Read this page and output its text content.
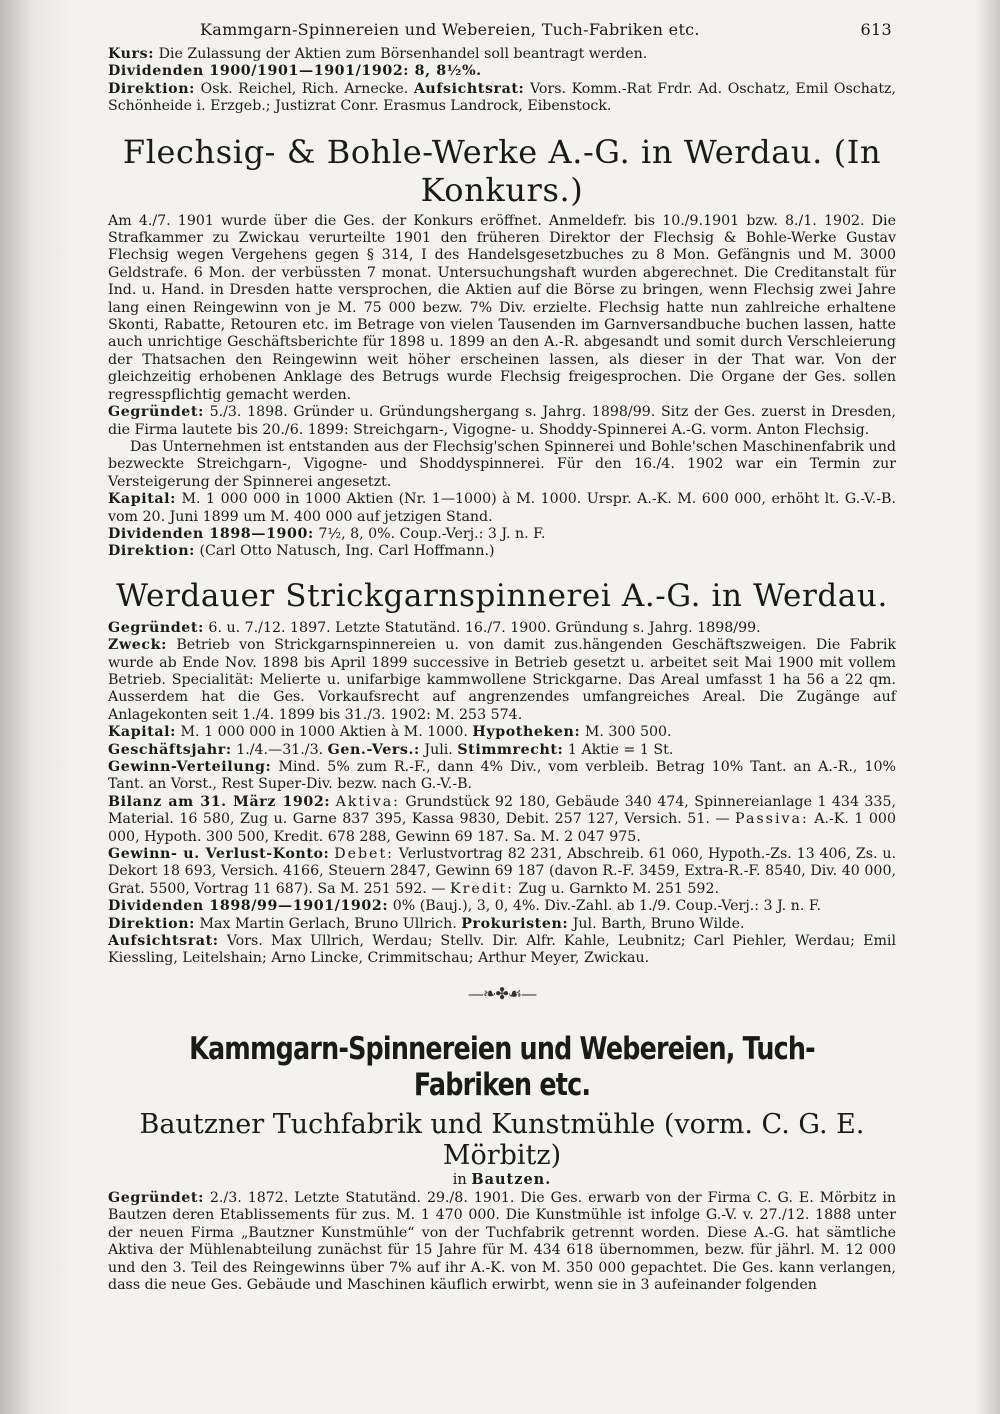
Kammgarn-Spinnereien und Webereien, Tuch-Fabriken etc.	613

Kurs: Die Zulassung der Aktien zum Börsenhandel soll beantragt werden.

Dividenden 1900/1901—1901/1902: 8, 8½%.

Direktion: Osk. Reichel, Rich. Arnecke. Aufsichtsrat: Vors. Komm.-Rat Frdr. Ad. Oschatz, Emil Oschatz, Schönheide i. Erzgeb.; Justizrat Conr. Erasmus Landrock, Eibenstock.

Flechsig- & Bohle-Werke A.-G. in Werdau. (In Konkurs.)

Am 4./7. 1901 wurde über die Ges. der Konkurs eröffnet. Anmeldefr. bis 10./9.1901 bzw. 8./1. 1902. Die Strafkammer zu Zwickau verurteilte 1901 den früheren Direktor der Flechsig & Bohle-Werke Gustav Flechsig wegen Vergehens gegen § 314, I des Handelsgesetzbuches zu 8 Mon. Gefängnis und M. 3000 Geldstrafe. 6 Mon. der verbüssten 7 monat. Untersuchungshaft wurden abgerechnet. Die Creditanstalt für Ind. u. Hand. in Dresden hatte versprochen, die Aktien auf die Börse zu bringen, wenn Flechsig zwei Jahre lang einen Reingewinn von je M. 75 000 bezw. 7% Div. erzielte. Flechsig hatte nun zahlreiche erhaltene Skonti, Rabatte, Retouren etc. im Betrage von vielen Tausenden im Garnversandbuche buchen lassen, hatte auch unrichtige Geschäftsberichte für 1898 u. 1899 an den A.-R. abgesandt und somit durch Verschleierung der Thatsachen den Reingewinn weit höher erscheinen lassen, als dieser in der That war. Von der gleichzeitig erhobenen Anklage des Betrugs wurde Flechsig freigesprochen. Die Organe der Ges. sollen regresspflichtig gemacht werden.

Gegründet: 5./3. 1898. Gründer u. Gründungshergang s. Jahrg. 1898/99. Sitz der Ges. zuerst in Dresden, die Firma lautete bis 20./6. 1899: Streichgarn-, Vigogne- u. Shoddy-Spinnerei A.-G. vorm. Anton Flechsig.

Das Unternehmen ist entstanden aus der Flechsig'schen Spinnerei und Bohle'schen Maschinenfabrik und bezweckte Streichgarn-, Vigogne- und Shoddyspinnerei. Für den 16./4. 1902 war ein Termin zur Versteigerung der Spinnerei angesetzt.

Kapital: M. 1 000 000 in 1000 Aktien (Nr. 1—1000) à M. 1000. Urspr. A.-K. M. 600 000, erhöht lt. G.-V.-B. vom 20. Juni 1899 um M. 400 000 auf jetzigen Stand.

Dividenden 1898—1900: 7½, 8, 0%. Coup.-Verj.: 3 J. n. F.

Direktion: (Carl Otto Natusch, Ing. Carl Hoffmann.)

Werdauer Strickgarnspinnerei A.-G. in Werdau.

Gegründet: 6. u. 7./12. 1897. Letzte Statutänd. 16./7. 1900. Gründung s. Jahrg. 1898/99.

Zweck: Betrieb von Strickgarnspinnereien u. von damit zus.hängenden Geschäftszweigen. Die Fabrik wurde ab Ende Nov. 1898 bis April 1899 successive in Betrieb gesetzt u. arbeitet seit Mai 1900 mit vollem Betrieb. Specialität: Melierte u. unifarbige kammwollene Strickgarne. Das Areal umfasst 1 ha 56 a 22 qm. Ausserdem hat die Ges. Vorkaufsrecht auf angrenzendes umfangreiches Areal. Die Zugänge auf Anlagekonten seit 1./4. 1899 bis 31./3. 1902: M. 253 574.

Kapital: M. 1 000 000 in 1000 Aktien à M. 1000. Hypotheken: M. 300 500.

Geschäftsjahr: 1./4.—31./3. Gen.-Vers.: Juli. Stimmrecht: 1 Aktie = 1 St.

Gewinn-Verteilung: Mind. 5% zum R.-F., dann 4% Div., vom verbleib. Betrag 10% Tant. an A.-R., 10% Tant. an Vorst., Rest Super-Div. bezw. nach G.-V.-B.

Bilanz am 31. März 1902: Aktiva: Grundstück 92 180, Gebäude 340 474, Spinnereianlage 1 434 335, Material. 16 580, Zug u. Garne 837 395, Kassa 9830, Debit. 257 127, Versich. 51. — Passiva: A.-K. 1 000 000, Hypoth. 300 500, Kredit. 678 288, Gewinn 69 187. Sa. M. 2 047 975.

Gewinn- u. Verlust-Konto: Debet: Verlustvortrag 82 231, Abschreib. 61 060, Hypoth.-Zs. 13 406, Zs. u. Dekort 18 693, Versich. 4166, Steuern 2847, Gewinn 69 187 (davon R.-F. 3459, Extra-R.-F. 8540, Div. 40 000, Grat. 5500, Vortrag 11 687). Sa M. 251 592. — Kredit: Zug u. Garnkto M. 251 592.

Dividenden 1898/99—1901/1902: 0% (Bauj.), 3, 0, 4%. Div.-Zahl. ab 1./9. Coup.-Verj.: 3 J. n. F.

Direktion: Max Martin Gerlach, Bruno Ullrich. Prokuristen: Jul. Barth, Bruno Wilde.

Aufsichtsrat: Vors. Max Ullrich, Werdau; Stellv. Dir. Alfr. Kahle, Leubnitz; Carl Piehler, Werdau; Emil Kiessling, Leitelshain; Arno Lincke, Crimmitschau; Arthur Meyer, Zwickau.

—❧✤☙—
Kammgarn-Spinnereien und Webereien, Tuch-Fabriken etc.
Bautzner Tuchfabrik und Kunstmühle (vorm. C. G. E. Mörbitz)
in Bautzen.

Gegründet: 2./3. 1872. Letzte Statutänd. 29./8. 1901. Die Ges. erwarb von der Firma C. G. E. Mörbitz in Bautzen deren Etablissements für zus. M. 1 470 000. Die Kunstmühle ist infolge G.-V. v. 27./12. 1888 unter der neuen Firma „Bautzner Kunstmühle“ von der Tuchfabrik getrennt worden. Diese A.-G. hat sämtliche Aktiva der Mühlenabteilung zunächst für 15 Jahre für M. 434 618 übernommen, bezw. für jährl. M. 12 000 und den 3. Teil des Reingewinns über 7% auf ihr A.-K. von M. 350 000 gepachtet. Die Ges. kann verlangen, dass die neue Ges. Gebäude und Maschinen käuflich erwirbt, wenn sie in 3 aufeinander folgenden
